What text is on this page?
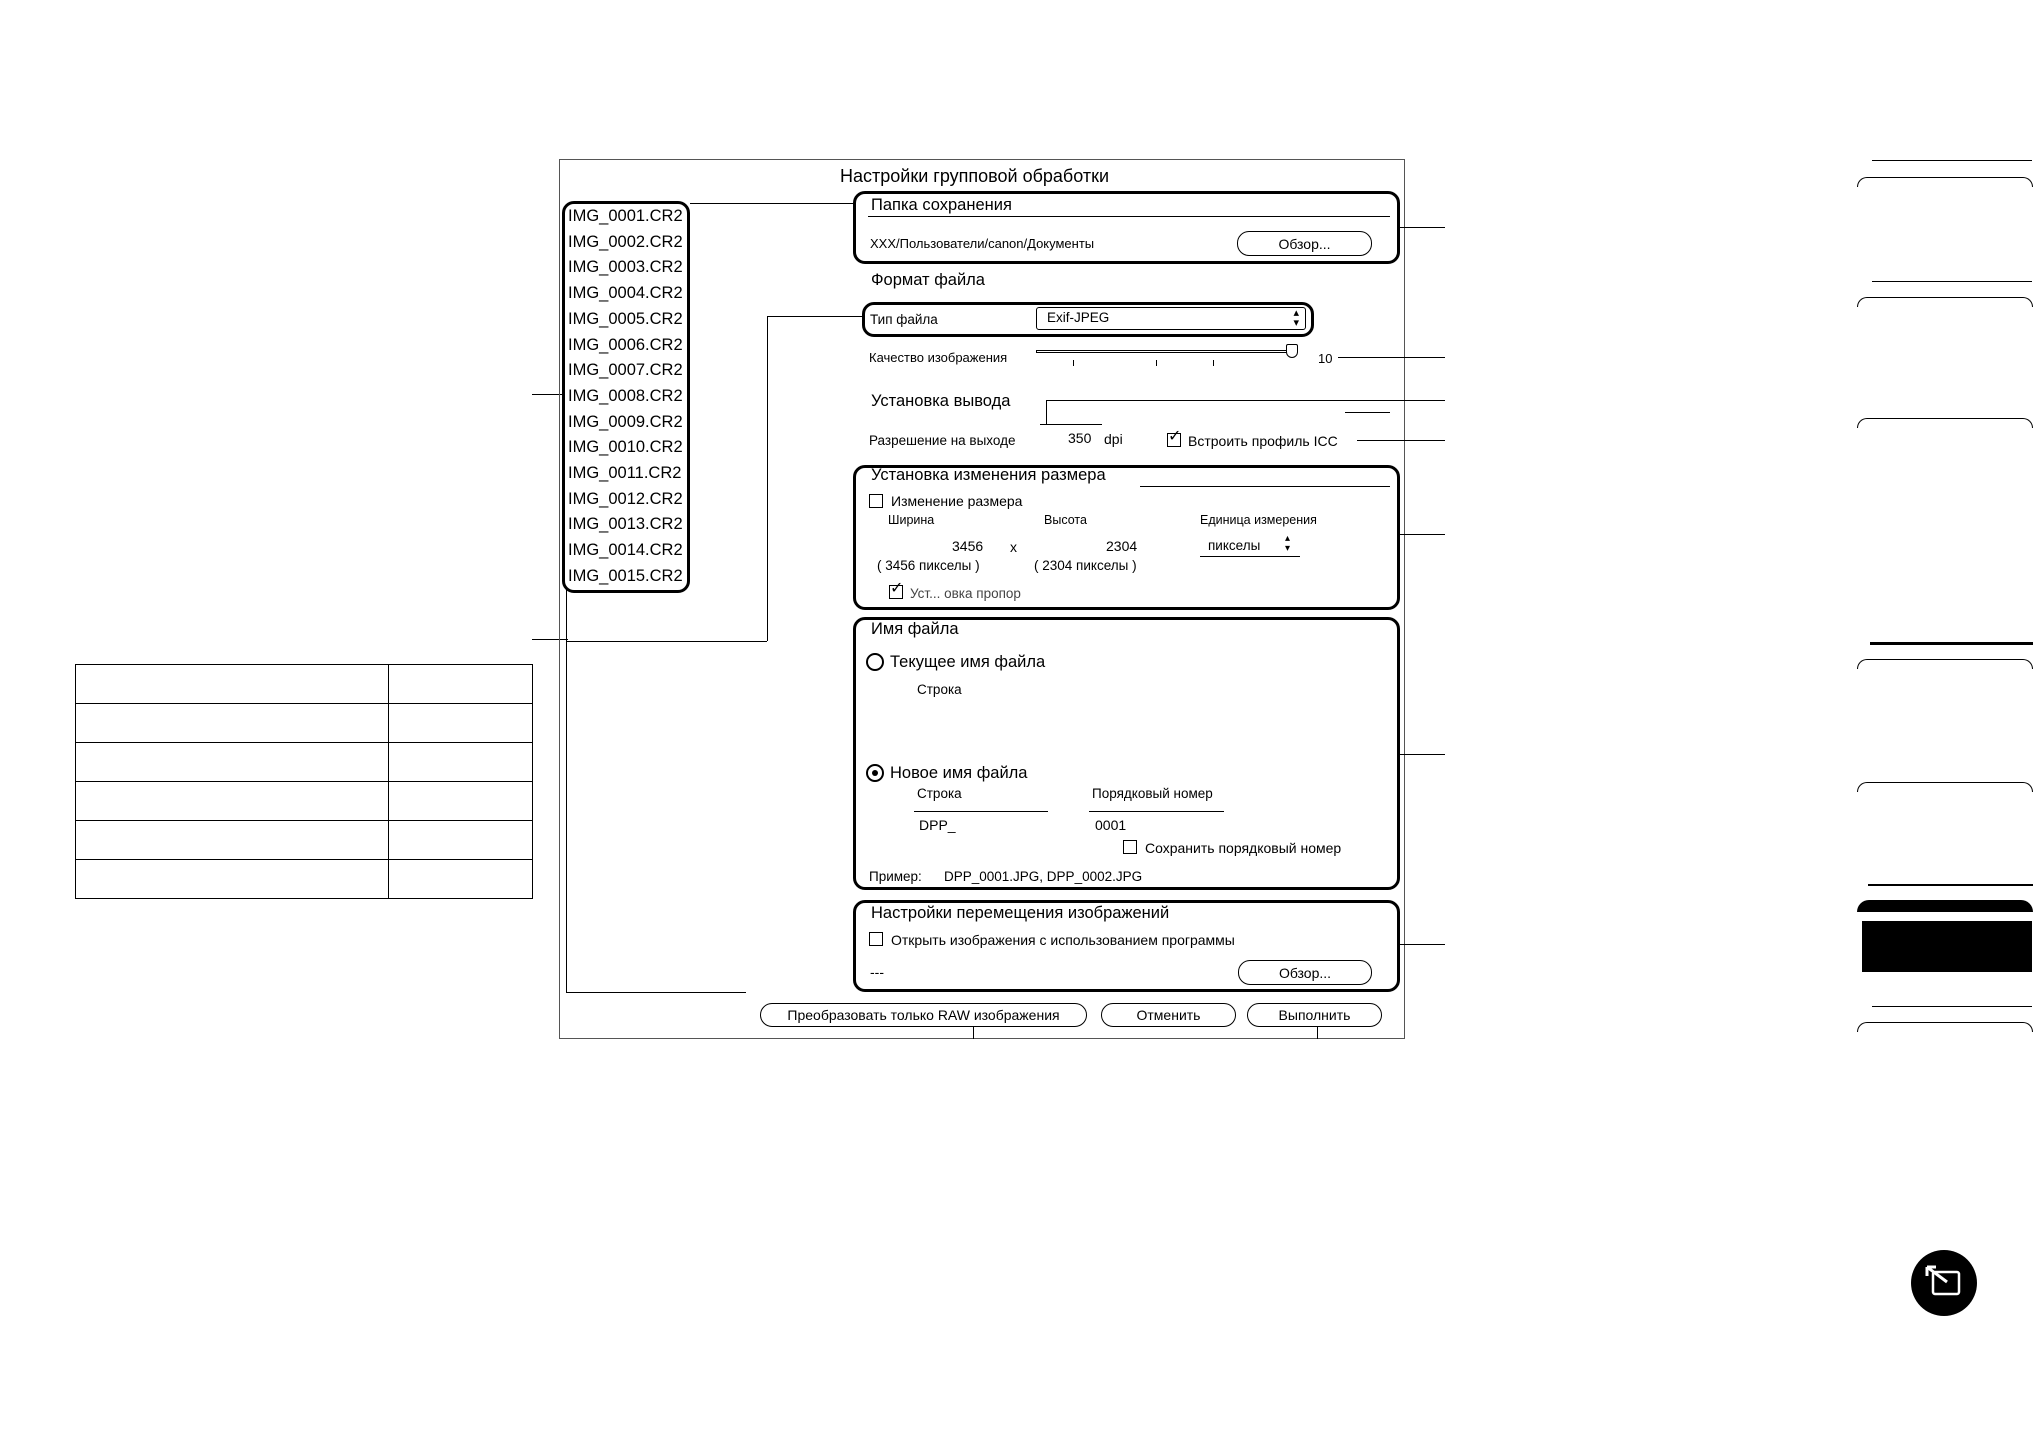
Настройки групповой обработки
IMG_0001.CR2
IMG_0002.CR2
IMG_0003.CR2
IMG_0004.CR2
IMG_0005.CR2
IMG_0006.CR2
IMG_0007.CR2
IMG_0008.CR2
IMG_0009.CR2
IMG_0010.CR2
IMG_0011.CR2
IMG_0012.CR2
IMG_0013.CR2
IMG_0014.CR2
IMG_0015.CR2
Папка сохранения
XXX/Пользователи/canon/Документы	Обзор...
Формат файла
Тип файла	Exif-JPEG	▴
▾
Качество изображения	10
Установка вывода
Разрешение на выходе	350 dpi	✓ Встроить профиль ICC
Установка изменения размера
Изменение размера
Ширина	Высота	Единица измерения
3456 x	2304
( 3456 пикселы )	( 2304 пикселы )
пикселы ▴
▾
✓ Уст... овка пропор
Имя файла
Текущее имя файла
Строка
Новое имя файла
Строка	Порядковый номер
DPP_	0001
Сохранить порядковый номер
Пример: DPP_0001.JPG, DPP_0002.JPG
Настройки перемещения изображений
Открыть изображения с использованием программы
---	Обзор...
Преобразовать только RAW изображения	Отменить	Выполнить
